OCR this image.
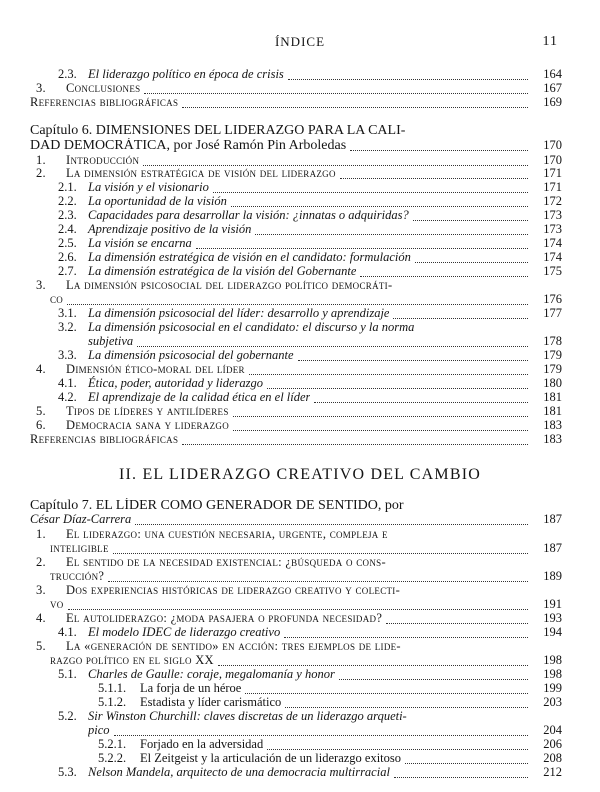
ÍNDICE	11
II. EL LIDERAZGO CREATIVO DEL CAMBIO
2.3. El liderazgo político en época de crisis	164
3. Conclusiones	167
Referencias bibliográficas	169
Capítulo 6. DIMENSIONES DEL LIDERAZGO PARA LA CALI-
DAD DEMOCRÁTICA, por José Ramón Pin Arboledas	170
1. Introducción	170
2. La dimensión estratégica de visión del liderazgo	171
2.1. La visión y el visionario	171
2.2. La oportunidad de la visión	172
2.3. Capacidades para desarrollar la visión: ¿innatas o adquiridas?	173
2.4. Aprendizaje positivo de la visión	173
2.5. La visión se encarna	174
2.6. La dimensión estratégica de visión en el candidato: formulación	174
2.7. La dimensión estratégica de la visión del Gobernante	175
3. La dimensión psicosocial del liderazgo político democráti-
co	176
3.1. La dimensión psicosocial del líder: desarrollo y aprendizaje	177
3.2. La dimensión psicosocial en el candidato: el discurso y la norma
subjetiva	178
3.3. La dimensión psicosocial del gobernante	179
4. Dimensión ético-moral del líder	179
4.1. Ética, poder, autoridad y liderazgo	180
4.2. El aprendizaje de la calidad ética en el líder	181
5. Tipos de líderes y antilíderes	181
6. Democracia sana y liderazgo	183
Referencias bibliográficas	183
Capítulo 7. EL LÍDER COMO GENERADOR DE SENTIDO, por
César Díaz-Carrera	187
1. El liderazgo: una cuestión necesaria, urgente, compleja e
inteligible	187
2. El sentido de la necesidad existencial: ¿búsqueda o cons-
trucción?	189
3. Dos experiencias históricas de liderazgo creativo y colecti-
vo	191
4. El autoliderazgo: ¿moda pasajera o profunda necesidad?	193
4.1. El modelo IDEC de liderazgo creativo	194
5. La «generación de sentido» en acción: tres ejemplos de lide-
razgo político en el siglo XX	198
5.1. Charles de Gaulle: coraje, megalomanía y honor	198
5.1.1. La forja de un héroe	199
5.1.2. Estadista y líder carismático	203
5.2. Sir Winston Churchill: claves discretas de un liderazgo arqueti-
pico	204
5.2.1. Forjado en la adversidad	206
5.2.2. El Zeitgeist y la articulación de un liderazgo exitoso	208
5.3. Nelson Mandela, arquitecto de una democracia multirracial	212
